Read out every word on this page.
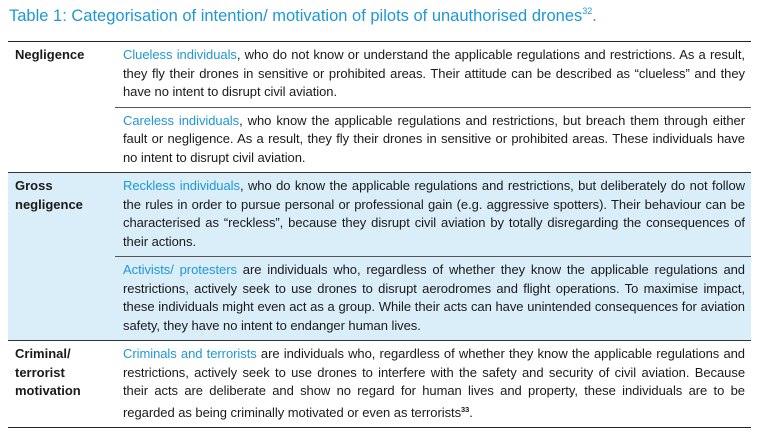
Table 1: Categorisation of intention/ motivation of pilots of unauthorised drones$^{32}$.
Negligence	Clueless individuals, who do not know or understand the applicable regulations and restrictions. As a result, they fly their drones in sensitive or prohibited areas. Their attitude can be described as “clueless” and they have no intent to disrupt civil aviation.
Careless individuals, who know the applicable regulations and restrictions, but breach them through either fault or negligence. As a result, they fly their drones in sensitive or prohibited areas. These individuals have no intent to disrupt civil aviation.
Gross negligence
Reckless individuals, who do know the applicable regulations and restrictions, but deliberately do not follow the rules in order to pursue personal or professional gain (e.g. aggressive spotters). Their behaviour can be characterised as “reckless”, because they disrupt civil aviation by totally disregarding the consequences of their actions.
Activists/ protesters are individuals who, regardless of whether they know the applicable regulations and restrictions, actively seek to use drones to disrupt aerodromes and flight operations. To maximise impact, these individuals might even act as a group. While their acts can have unintended consequences for aviation safety, they have no intent to endanger human lives.
Criminal/ terrorist motivation
Criminals and terrorists are individuals who, regardless of whether they know the applicable regulations and restrictions, actively seek to use drones to interfere with the safety and security of civil aviation. Because their acts are deliberate and show no regard for human lives and property, these individuals are to be regarded as being criminally motivated or even as terrorists$^{33}$.
